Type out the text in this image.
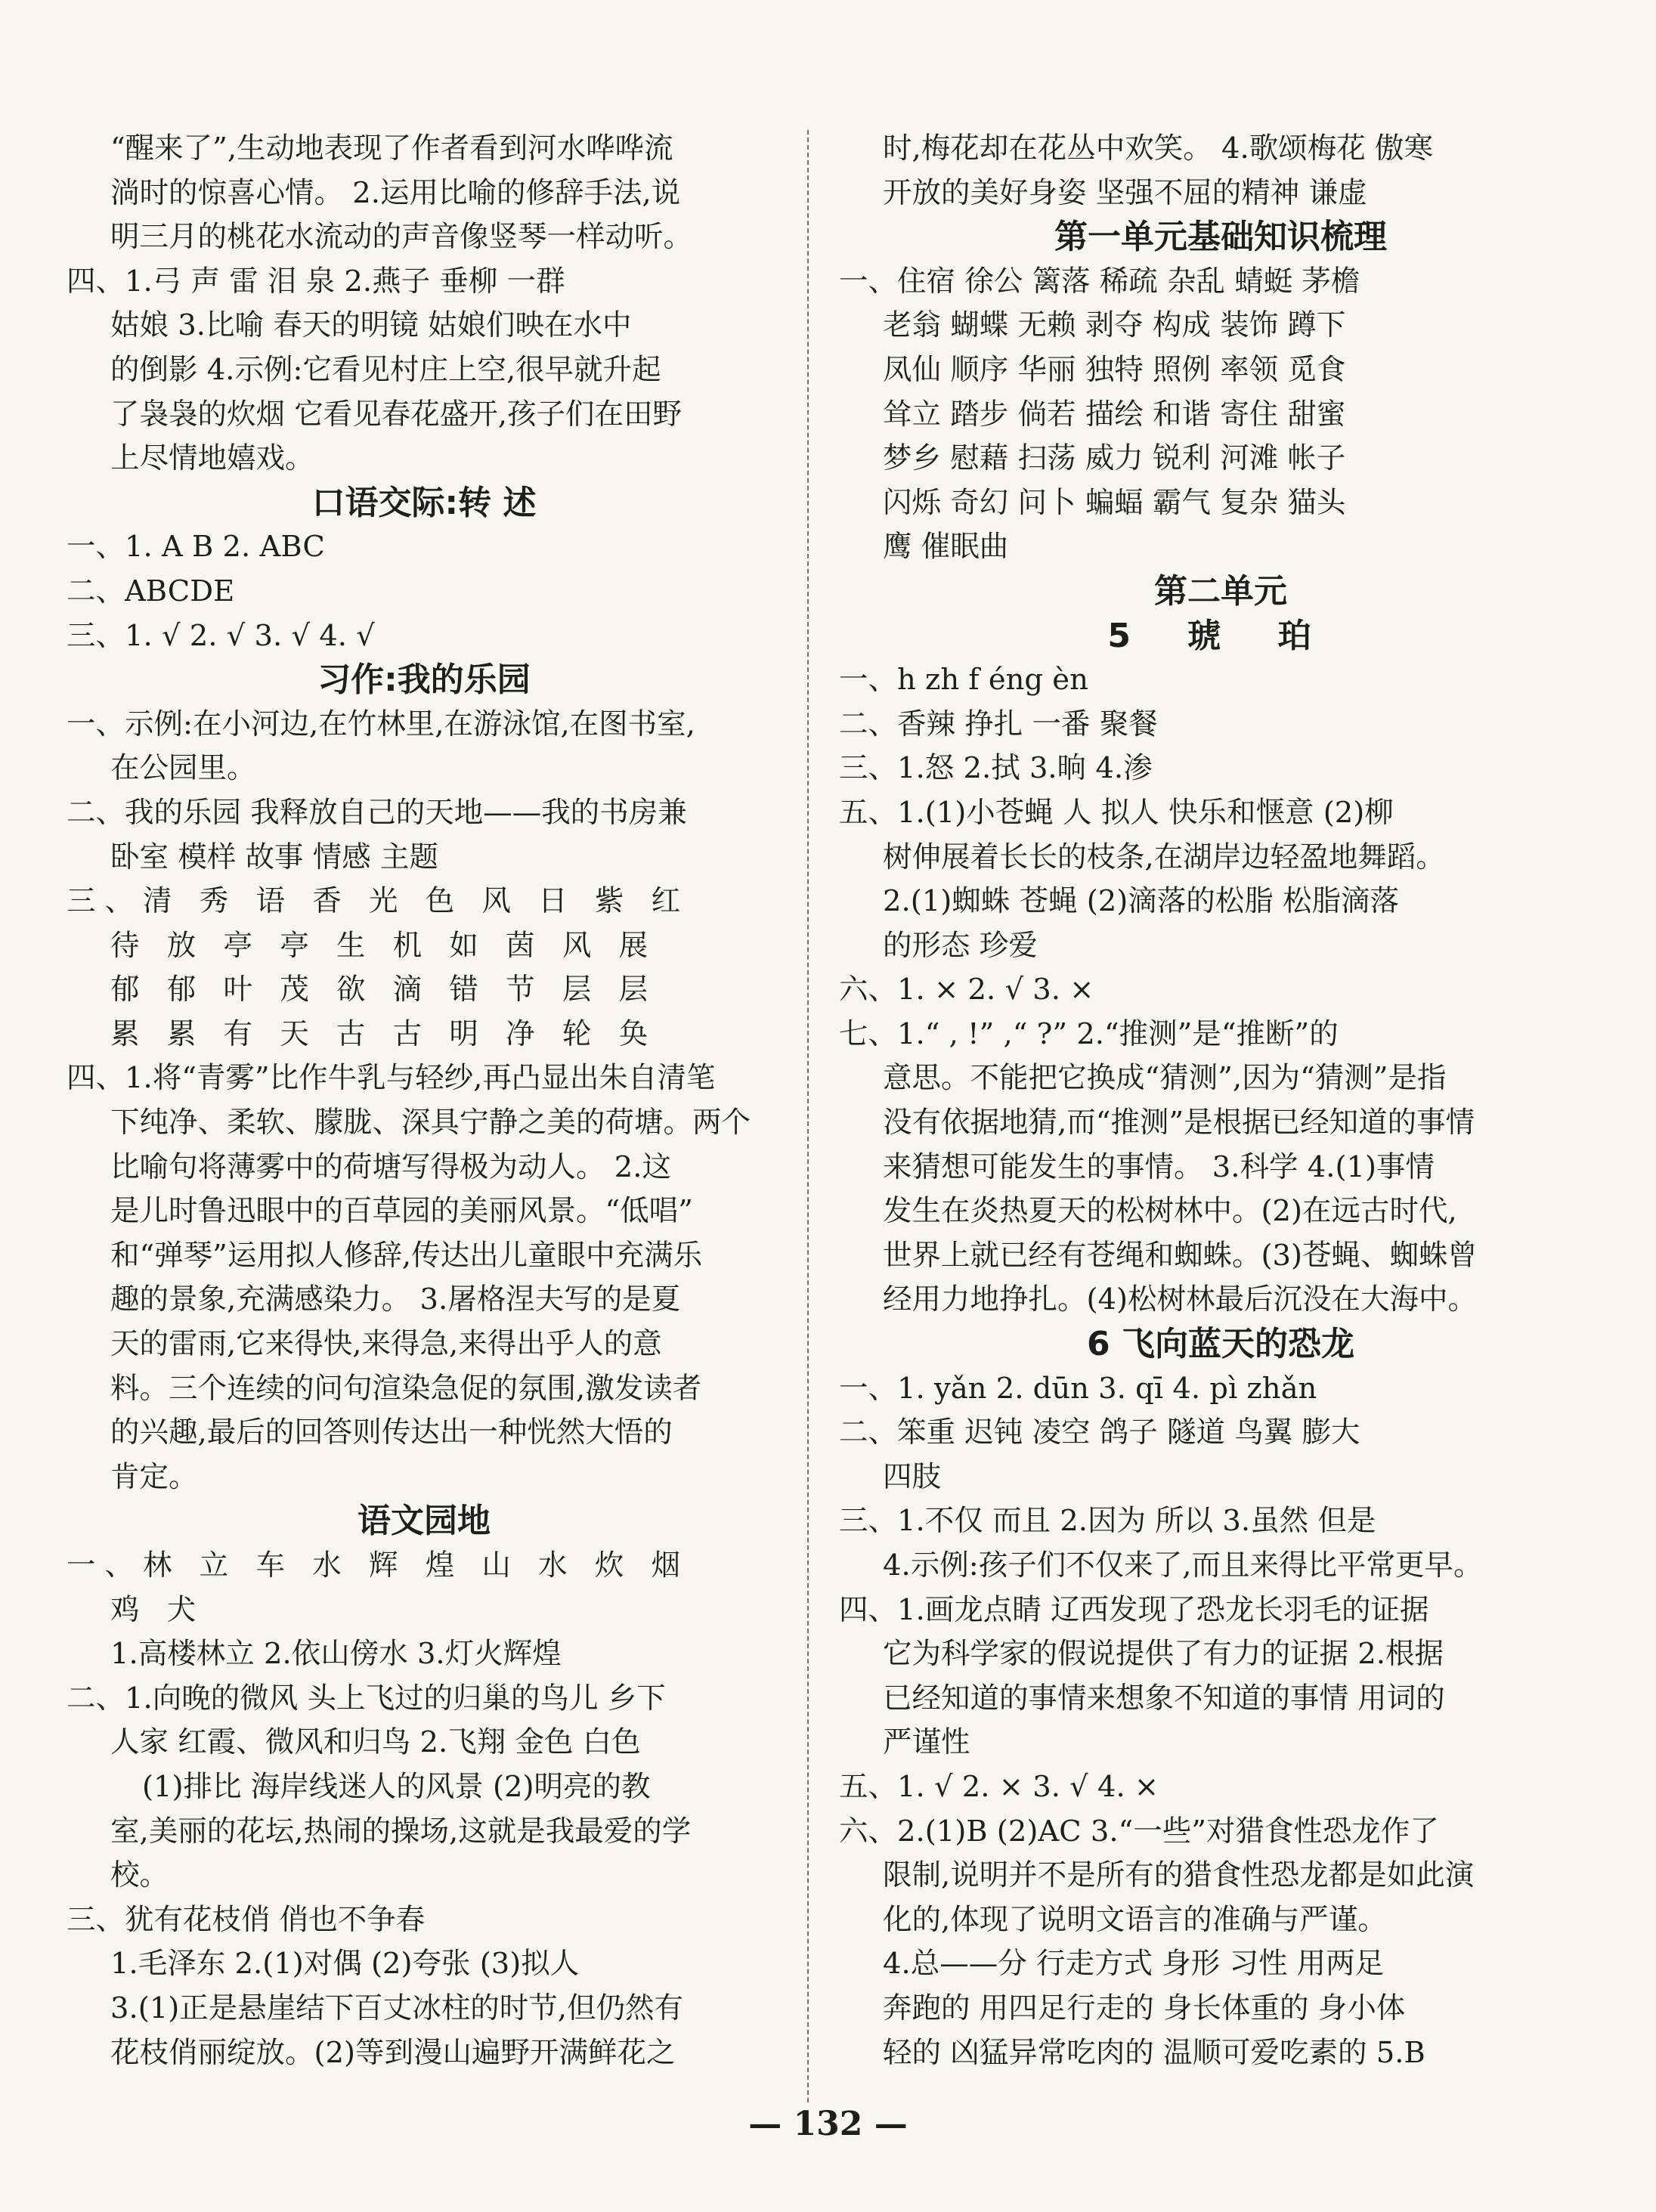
“醒来了”,生动地表现了作者看到河水哗哗流
淌时的惊喜心情。 2.运用比喻的修辞手法,说
明三月的桃花水流动的声音像竖琴一样动听。
四、1.弓 声 雷 泪 泉 2.燕子 垂柳 一群
姑娘 3.比喻 春天的明镜 姑娘们映在水中
的倒影 4.示例:它看见村庄上空,很早就升起
了袅袅的炊烟 它看见春花盛开,孩子们在田野
上尽情地嬉戏。
口语交际:转 述
一、1. A B 2. ABC
二、ABCDE
三、1. √ 2. √ 3. √ 4. √
习作:我的乐园
一、示例:在小河边,在竹林里,在游泳馆,在图书室,
在公园里。
二、我的乐园 我释放自己的天地——我的书房兼
卧室 模样 故事 情感 主题
三、清 秀 语 香 光 色 风 日 紫 红
待 放 亭 亭 生 机 如 茵 风 展
郁 郁 叶 茂 欲 滴 错 节 层 层
累 累 有 天 古 古 明 净 轮 奂
四、1.将“青雾”比作牛乳与轻纱,再凸显出朱自清笔
下纯净、柔软、朦胧、深具宁静之美的荷塘。两个
比喻句将薄雾中的荷塘写得极为动人。 2.这
是儿时鲁迅眼中的百草园的美丽风景。“低唱”
和“弹琴”运用拟人修辞,传达出儿童眼中充满乐
趣的景象,充满感染力。 3.屠格涅夫写的是夏
天的雷雨,它来得快,来得急,来得出乎人的意
料。三个连续的问句渲染急促的氛围,激发读者
的兴趣,最后的回答则传达出一种恍然大悟的
肯定。
语文园地
一、林 立 车 水 辉 煌 山 水 炊 烟
鸡 犬
1.高楼林立 2.依山傍水 3.灯火辉煌
二、1.向晚的微风 头上飞过的归巢的鸟儿 乡下
人家 红霞、微风和归鸟 2.飞翔 金色 白色
(1)排比 海岸线迷人的风景 (2)明亮的教
室,美丽的花坛,热闹的操场,这就是我最爱的学
校。
三、犹有花枝俏 俏也不争春
1.毛泽东 2.(1)对偶 (2)夸张 (3)拟人
3.(1)正是悬崖结下百丈冰柱的时节,但仍然有
花枝俏丽绽放。(2)等到漫山遍野开满鲜花之
时,梅花却在花丛中欢笑。 4.歌颂梅花 傲寒
开放的美好身姿 坚强不屈的精神 谦虚
第一单元基础知识梳理
一、住宿 徐公 篱落 稀疏 杂乱 蜻蜓 茅檐
老翁 蝴蝶 无赖 剥夺 构成 装饰 蹲下
凤仙 顺序 华丽 独特 照例 率领 觅食
耸立 踏步 倘若 描绘 和谐 寄住 甜蜜
梦乡 慰藉 扫荡 威力 锐利 河滩 帐子
闪烁 奇幻 问卜 蝙蝠 霸气 复杂 猫头
鹰 催眠曲
第二单元
5 琥 珀
一、h zh f éng èn
二、香辣 挣扎 一番 聚餐
三、1.怒 2.拭 3.晌 4.渗
五、1.(1)小苍蝇 人 拟人 快乐和惬意 (2)柳
树伸展着长长的枝条,在湖岸边轻盈地舞蹈。
2.(1)蜘蛛 苍蝇 (2)滴落的松脂 松脂滴落
的形态 珍爱
六、1. × 2. √ 3. ×
七、1.“ , !” ,“ ?” 2.“推测”是“推断”的
意思。不能把它换成“猜测”,因为“猜测”是指
没有依据地猜,而“推测”是根据已经知道的事情
来猜想可能发生的事情。 3.科学 4.(1)事情
发生在炎热夏天的松树林中。(2)在远古时代,
世界上就已经有苍绳和蜘蛛。(3)苍蝇、蜘蛛曾
经用力地挣扎。(4)松树林最后沉没在大海中。
6 飞向蓝天的恐龙
一、1. yǎn 2. dūn 3. qī 4. pì zhǎn
二、笨重 迟钝 凌空 鸽子 隧道 鸟翼 膨大
四肢
三、1.不仅 而且 2.因为 所以 3.虽然 但是
4.示例:孩子们不仅来了,而且来得比平常更早。
四、1.画龙点睛 辽西发现了恐龙长羽毛的证据
它为科学家的假说提供了有力的证据 2.根据
已经知道的事情来想象不知道的事情 用词的
严谨性
五、1. √ 2. × 3. √ 4. ×
六、2.(1)B (2)AC 3.“一些”对猎食性恐龙作了
限制,说明并不是所有的猎食性恐龙都是如此演
化的,体现了说明文语言的准确与严谨。
4.总——分 行走方式 身形 习性 用两足
奔跑的 用四足行走的 身长体重的 身小体
轻的 凶猛异常吃肉的 温顺可爱吃素的 5.B
— 132 —
